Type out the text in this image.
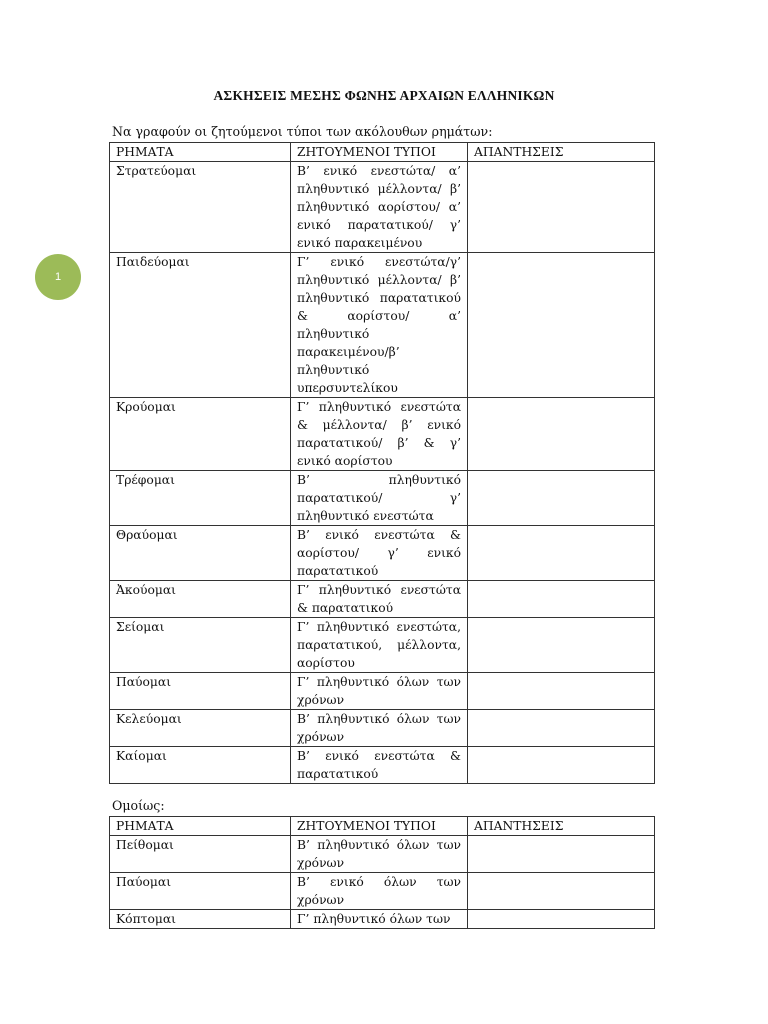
1
ΑΣΚΗΣΕΙΣ ΜΕΣΗΣ ΦΩΝΗΣ ΑΡΧΑΙΩΝ ΕΛΛΗΝΙΚΩΝ
Να γραφούν οι ζητούμενοι τύποι των ακόλουθων ρημάτων:
ΡΗΜΑΤΑ	ΖΗΤΟΥΜΕΝΟΙ ΤΥΠΟΙ	ΑΠΑΝΤΗΣΕΙΣ
Στρατεύομαι	Β’ ενικό ενεστώτα/ α’ πληθυντικό μέλλοντα/ β’ πληθυντικό αορίστου/ α’ ενικό παρατατικού/ γ’ ενικό παρακειμένου	
Παιδεύομαι	Γ’ ενικό ενεστώτα/γ’ πληθυντικό μέλλοντα/ β’ πληθυντικό παρατατικού & αορίστου/ α’ πληθυντικό παρακειμένου/β’ πληθυντικό υπερσυντελίκου	
Κρούομαι	Γ’ πληθυντικό ενεστώτα & μέλλοντα/ β’ ενικό παρατατικού/ β’ & γ’ ενικό αορίστου	
Τρέφομαι	Β’ πληθυντικό παρατατικού/ γ’ πληθυντικό ενεστώτα	
Θραύομαι	Β’ ενικό ενεστώτα & αορίστου/ γ’ ενικό παρατατικού	
Ἀκούομαι	Γ’ πληθυντικό ενεστώτα & παρατατικού	
Σείομαι	Γ’ πληθυντικό ενεστώτα, παρατατικού, μέλλοντα, αορίστου	
Παύομαι	Γ’ πληθυντικό όλων των χρόνων	
Κελεύομαι	Β’ πληθυντικό όλων των χρόνων	
Καίομαι	Β’ ενικό ενεστώτα & παρατατικού	
Ομοίως:
ΡΗΜΑΤΑ	ΖΗΤΟΥΜΕΝΟΙ ΤΥΠΟΙ	ΑΠΑΝΤΗΣΕΙΣ
Πείθομαι	Β’ πληθυντικό όλων των χρόνων	
Παύομαι	Β’ ενικό όλων των χρόνων	
Κόπτομαι	Γ’ πληθυντικό όλων των	
